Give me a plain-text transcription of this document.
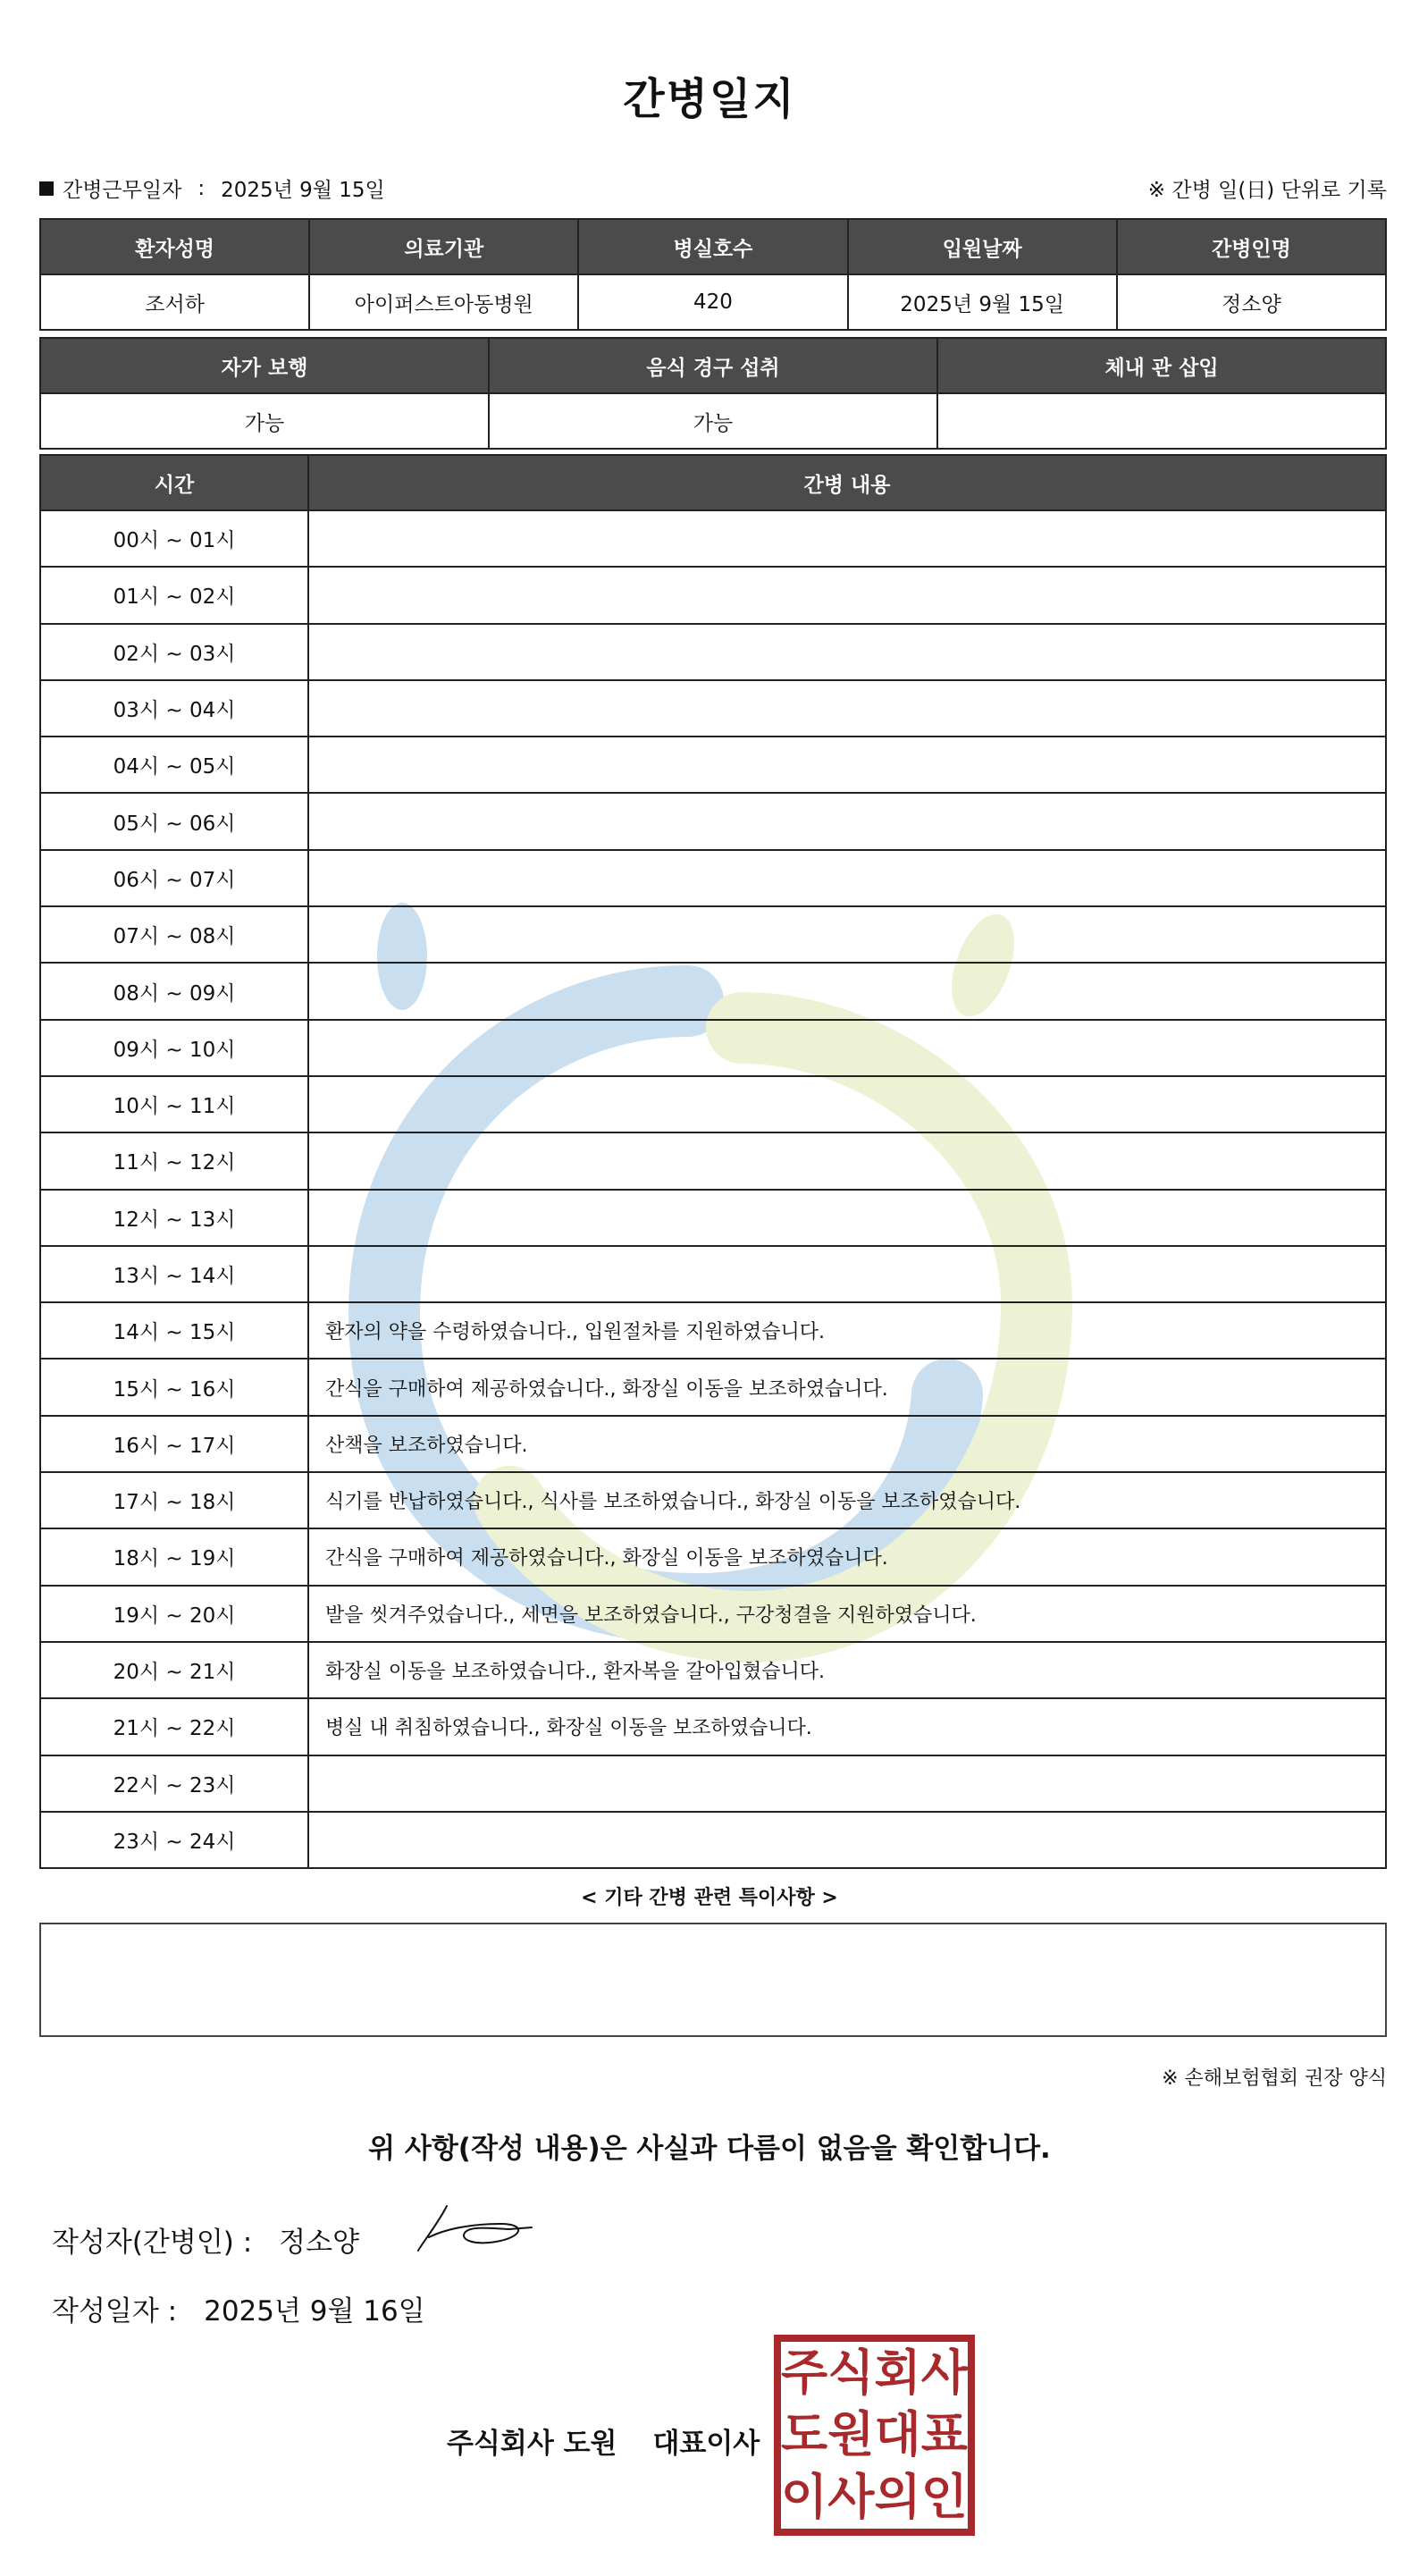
간병일지
간병근무일자 : 2025년 9월 15일	※ 간병 일(日) 단위로 기록
환자성명	의료기관	병실호수	입원날짜	간병인명
조서하	아이퍼스트아동병원	420	2025년 9월 15일	정소양
자가 보행	음식 경구 섭취	체내 관 삽입
가능	가능	
시간	간병 내용
00시 ~ 01시	
01시 ~ 02시	
02시 ~ 03시	
03시 ~ 04시	
04시 ~ 05시	
05시 ~ 06시	
06시 ~ 07시	
07시 ~ 08시	
08시 ~ 09시	
09시 ~ 10시	
10시 ~ 11시	
11시 ~ 12시	
12시 ~ 13시	
13시 ~ 14시	
14시 ~ 15시	환자의 약을 수령하였습니다., 입원절차를 지원하였습니다.
15시 ~ 16시	간식을 구매하여 제공하였습니다., 화장실 이동을 보조하였습니다.
16시 ~ 17시	산책을 보조하였습니다.
17시 ~ 18시	식기를 반납하였습니다., 식사를 보조하였습니다., 화장실 이동을 보조하였습니다.
18시 ~ 19시	간식을 구매하여 제공하였습니다., 화장실 이동을 보조하였습니다.
19시 ~ 20시	발을 씻겨주었습니다., 세면을 보조하였습니다., 구강청결을 지원하였습니다.
20시 ~ 21시	화장실 이동을 보조하였습니다., 환자복을 갈아입혔습니다.
21시 ~ 22시	병실 내 취침하였습니다., 화장실 이동을 보조하였습니다.
22시 ~ 23시	
23시 ~ 24시	
< 기타 간병 관련 특이사항 >
※ 손해보험협회 권장 양식
위 사항(작성 내용)은 사실과 다름이 없음을 확인합니다.
작성자(간병인) : 정소양
작성일자 : 2025년 9월 16일
주식회사 도원 대표이사
주 식 회 사
도 원 대 표
이 사 의 인
